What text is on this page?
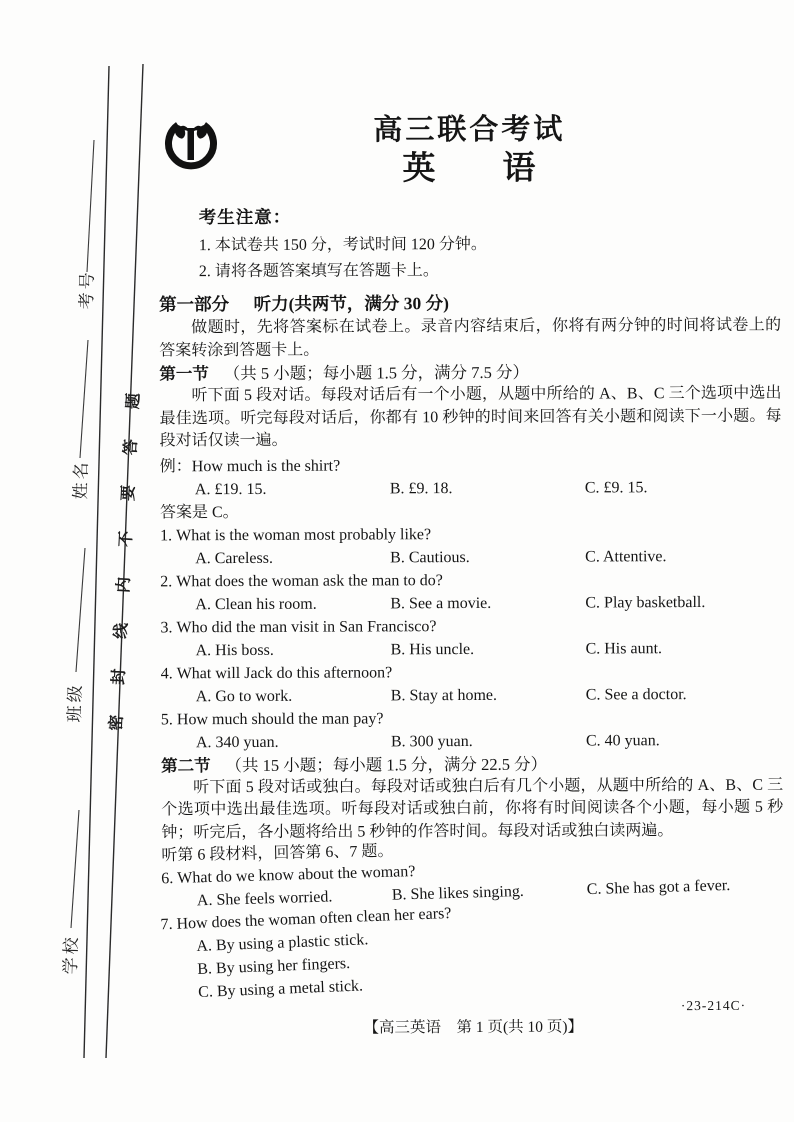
考号
姓名
班级
学校
密封线内不要答题
高三联合考试
英 语
考生注意：
1. 本试卷共 150 分，考试时间 120 分钟。
2. 请将各题答案填写在答题卡上。
第一部分 听力(共两节，满分 30 分)
做题时，先将答案标在试卷上。录音内容结束后，你将有两分钟的时间将试卷上的答案转涂到答题卡上。
第一节 （共 5 小题；每小题 1.5 分，满分 7.5 分）
听下面 5 段对话。每段对话后有一个小题，从题中所给的 A、B、C 三个选项中选出最佳选项。听完每段对话后，你都有 10 秒钟的时间来回答有关小题和阅读下一小题。每段对话仅读一遍。
例：How much is the shirt?
A. £19. 15.	B. £9. 18.	C. £9. 15.
答案是 C。
1. What is the woman most probably like?
A. Careless.	B. Cautious.	C. Attentive.
2. What does the woman ask the man to do?
A. Clean his room.	B. See a movie.	C. Play basketball.
3. Who did the man visit in San Francisco?
A. His boss.	B. His uncle.	C. His aunt.
4. What will Jack do this afternoon?
A. Go to work.	B. Stay at home.	C. See a doctor.
5. How much should the man pay?
A. 340 yuan.	B. 300 yuan.	C. 40 yuan.
第二节 （共 15 小题；每小题 1.5 分，满分 22.5 分）
听下面 5 段对话或独白。每段对话或独白后有几个小题，从题中所给的 A、B、C 三个选项中选出最佳选项。听每段对话或独白前，你将有时间阅读各个小题，每小题 5 秒钟；听完后，各小题将给出 5 秒钟的作答时间。每段对话或独白读两遍。
听第 6 段材料，回答第 6、7 题。
6. What do we know about the woman?
A. She feels worried.	B. She likes singing.	C. She has got a fever.
7. How does the woman often clean her ears?
A. By using a plastic stick.
B. By using her fingers.
C. By using a metal stick.
【高三英语　第 1 页(共 10 页)】
·23-214C·
